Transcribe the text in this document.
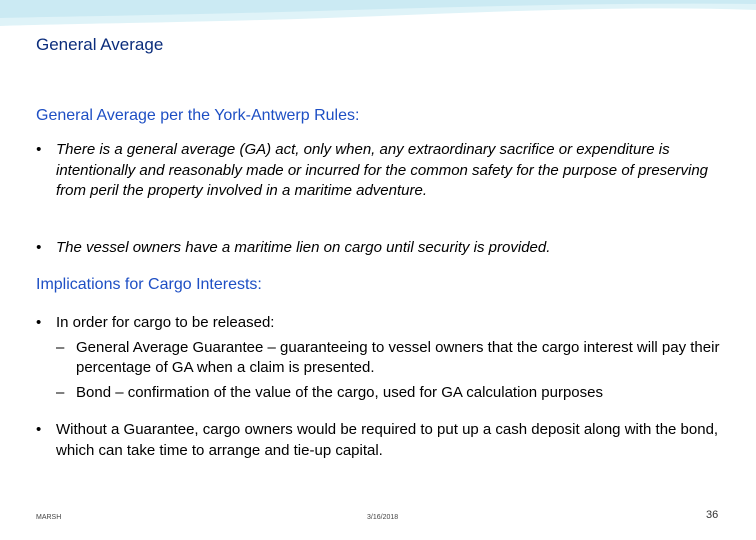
General Average
General Average per the York-Antwerp Rules:
• There is a general average (GA) act, only when, any extraordinary sacrifice or expenditure is intentionally and reasonably made or incurred for the common safety for the purpose of preserving from peril the property involved in a maritime adventure.
• The vessel owners have a maritime lien on cargo until security is provided.
Implications for Cargo Interests:
• In order for cargo to be released:
– General Average Guarantee – guaranteeing to vessel owners that the cargo interest will pay their percentage of GA when a claim is presented.
– Bond – confirmation of the value of the cargo, used for GA calculation purposes
• Without a Guarantee, cargo owners would be required to put up a cash deposit along with the bond, which can take time to arrange and tie-up capital.
MARSH	3/16/2018	36
